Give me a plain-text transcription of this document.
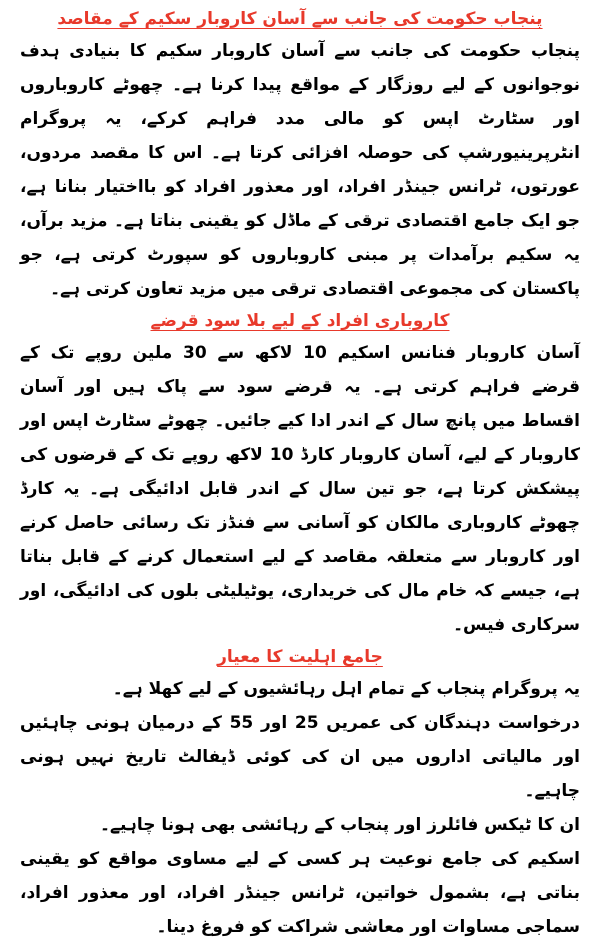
پنجاب حکومت کی جانب سے آسان کاروبار سکیم کے مقاصد

پنجاب حکومت کی جانب سے آسان کاروبار سکیم کا بنیادی ہدف نوجوانوں کے لیے روزگار کے مواقع پیدا کرنا ہے۔ چھوٹے کاروباروں اور سٹارٹ اپس کو مالی مدد فراہم کرکے، یہ پروگرام انٹرپرینیورشپ کی حوصلہ افزائی کرتا ہے۔ اس کا مقصد مردوں، عورتوں، ٹرانس جینڈر افراد، اور معذور افراد کو بااختیار بنانا ہے، جو ایک جامع اقتصادی ترقی کے ماڈل کو یقینی بناتا ہے۔ مزید برآں، یہ سکیم برآمدات پر مبنی کاروباروں کو سپورٹ کرتی ہے، جو پاکستان کی مجموعی اقتصادی ترقی میں مزید تعاون کرتی ہے۔

کاروباری افراد کے لیے بلا سود قرضے

آسان کاروبار فنانس اسکیم 10 لاکھ سے 30 ملین روپے تک کے قرضے فراہم کرتی ہے۔ یہ قرضے سود سے پاک ہیں اور آسان اقساط میں پانچ سال کے اندر ادا کیے جائیں۔ چھوٹے سٹارٹ اپس اور کاروبار کے لیے، آسان کاروبار کارڈ 10 لاکھ روپے تک کے قرضوں کی پیشکش کرتا ہے، جو تین سال کے اندر قابل ادائیگی ہے۔ یہ کارڈ چھوٹے کاروباری مالکان کو آسانی سے فنڈز تک رسائی حاصل کرنے اور کاروبار سے متعلقہ مقاصد کے لیے استعمال کرنے کے قابل بناتا ہے، جیسے کہ خام مال کی خریداری، یوٹیلیٹی بلوں کی ادائیگی، اور سرکاری فیس۔

جامع اہلیت کا معیار
یہ پروگرام پنجاب کے تمام اہل رہائشیوں کے لیے کھلا ہے۔
درخواست دہندگان کی عمریں 25 اور 55 کے درمیان ہونی چاہئیں اور مالیاتی اداروں میں ان کی کوئی ڈیفالٹ تاریخ نہیں ہونی چاہیے۔
ان کا ٹیکس فائلرز اور پنجاب کے رہائشی بھی ہونا چاہیے۔
اسکیم کی جامع نوعیت ہر کسی کے لیے مساوی مواقع کو یقینی بناتی ہے، بشمول خواتین، ٹرانس جینڈر افراد، اور معذور افراد، سماجی مساوات اور معاشی شراکت کو فروغ دینا۔
